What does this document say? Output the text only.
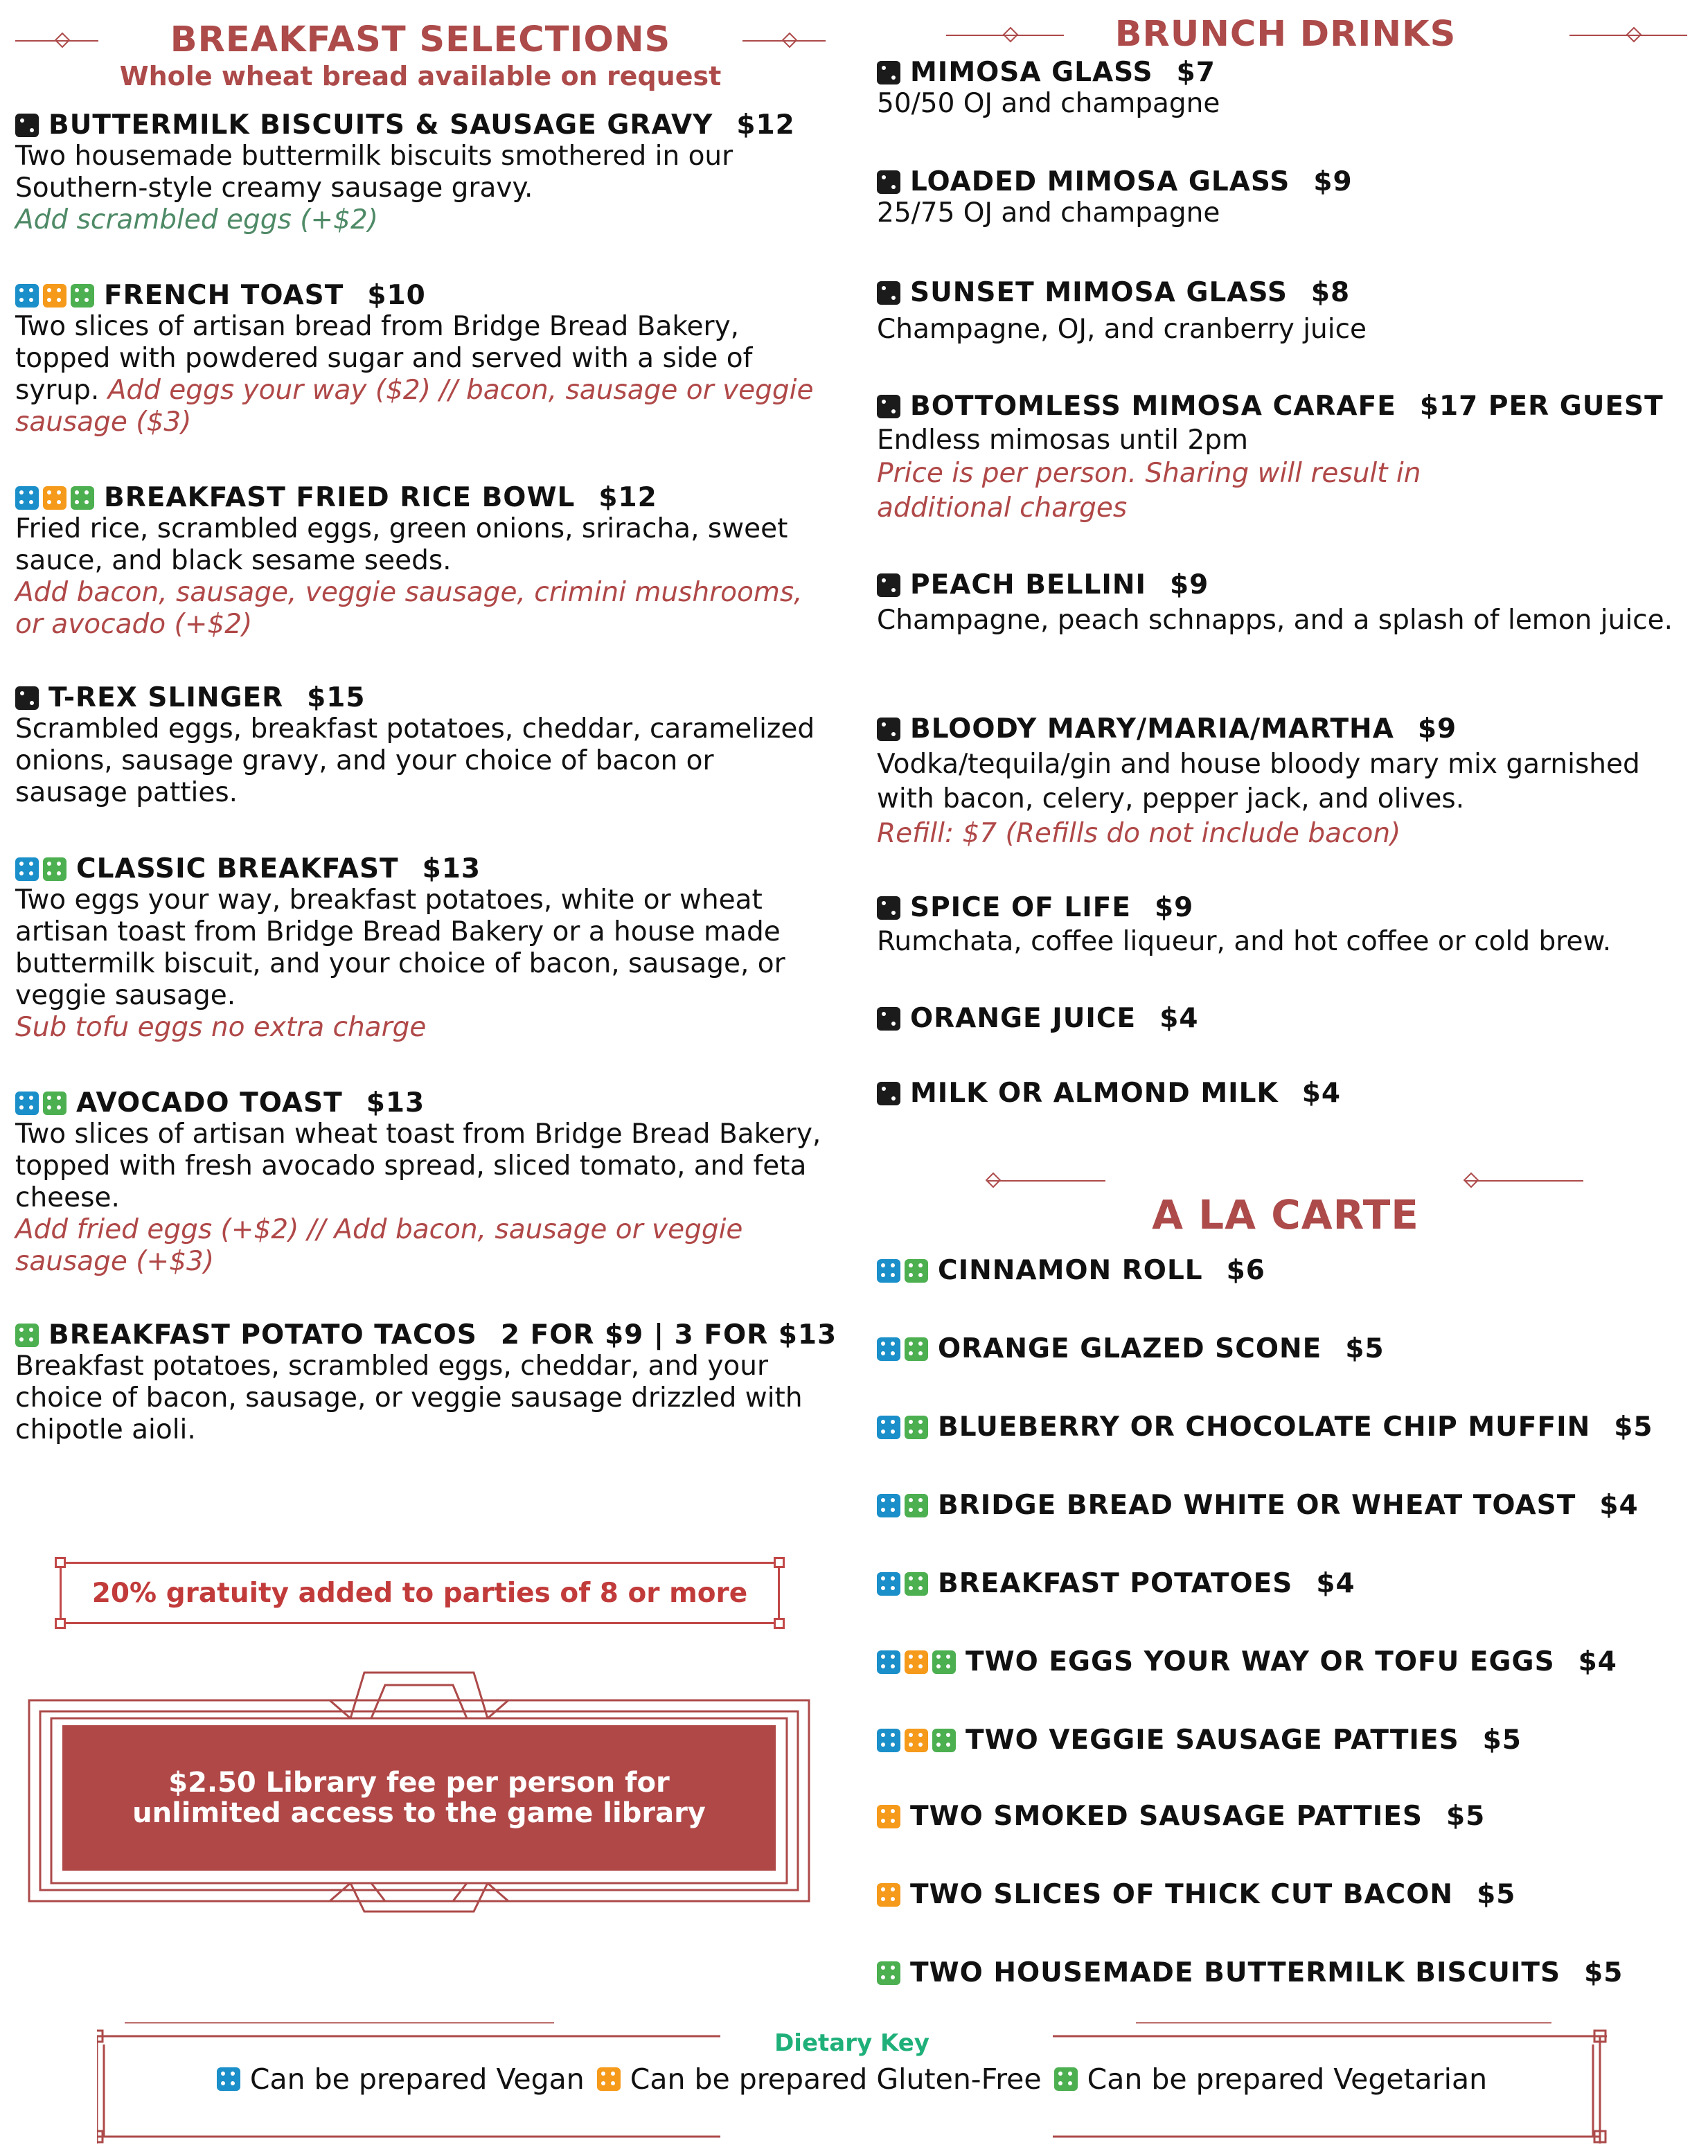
BREAKFAST SELECTIONS
Whole wheat bread available on request
BUTTERMILK BISCUITS & SAUSAGE GRAVY $12
Two housemade buttermilk biscuits smothered in our Southern-style creamy sausage gravy.
Add scrambled eggs (+$2)
FRENCH TOAST $10
Two slices of artisan bread from Bridge Bread Bakery, topped with powdered sugar and served with a side of syrup. Add eggs your way ($2) // bacon, sausage or veggie sausage ($3)
BREAKFAST FRIED RICE BOWL $12
Fried rice, scrambled eggs, green onions, sriracha, sweet sauce, and black sesame seeds.
Add bacon, sausage, veggie sausage, crimini mushrooms, or avocado (+$2)
T-REX SLINGER $15
Scrambled eggs, breakfast potatoes, cheddar, caramelized onions, sausage gravy, and your choice of bacon or sausage patties.
CLASSIC BREAKFAST $13
Two eggs your way, breakfast potatoes, white or wheat artisan toast from Bridge Bread Bakery or a house made buttermilk biscuit, and your choice of bacon, sausage, or veggie sausage.
Sub tofu eggs no extra charge
AVOCADO TOAST $13
Two slices of artisan wheat toast from Bridge Bread Bakery, topped with fresh avocado spread, sliced tomato, and feta cheese.
Add fried eggs (+$2) // Add bacon, sausage or veggie sausage (+$3)
BREAKFAST POTATO TACOS 2 FOR $9 | 3 FOR $13
Breakfast potatoes, scrambled eggs, cheddar, and your choice of bacon, sausage, or veggie sausage drizzled with chipotle aioli.
20% gratuity added to parties of 8 or more
$2.50 Library fee per person for
unlimited access to the game library
BRUNCH DRINKS
MIMOSA GLASS $7
50/50 OJ and champagne
LOADED MIMOSA GLASS $9
25/75 OJ and champagne
SUNSET MIMOSA GLASS $8
Champagne, OJ, and cranberry juice
BOTTOMLESS MIMOSA CARAFE $17 PER GUEST
Endless mimosas until 2pm
Price is per person. Sharing will result in additional charges
PEACH BELLINI $9
Champagne, peach schnapps, and a splash of lemon juice.
BLOODY MARY/MARIA/MARTHA $9
Vodka/tequila/gin and house bloody mary mix garnished with bacon, celery, pepper jack, and olives.
Refill: $7 (Refills do not include bacon)
SPICE OF LIFE $9
Rumchata, coffee liqueur, and hot coffee or cold brew.
ORANGE JUICE $4
MILK OR ALMOND MILK $4
A LA CARTE
CINNAMON ROLL $6
ORANGE GLAZED SCONE $5
BLUEBERRY OR CHOCOLATE CHIP MUFFIN $5
BRIDGE BREAD WHITE OR WHEAT TOAST $4
BREAKFAST POTATOES $4
TWO EGGS YOUR WAY OR TOFU EGGS $4
TWO VEGGIE SAUSAGE PATTIES $5
TWO SMOKED SAUSAGE PATTIES $5
TWO SLICES OF THICK CUT BACON $5
TWO HOUSEMADE BUTTERMILK BISCUITS $5
Dietary Key
Can be prepared Vegan Can be prepared Gluten-Free Can be prepared Vegetarian
